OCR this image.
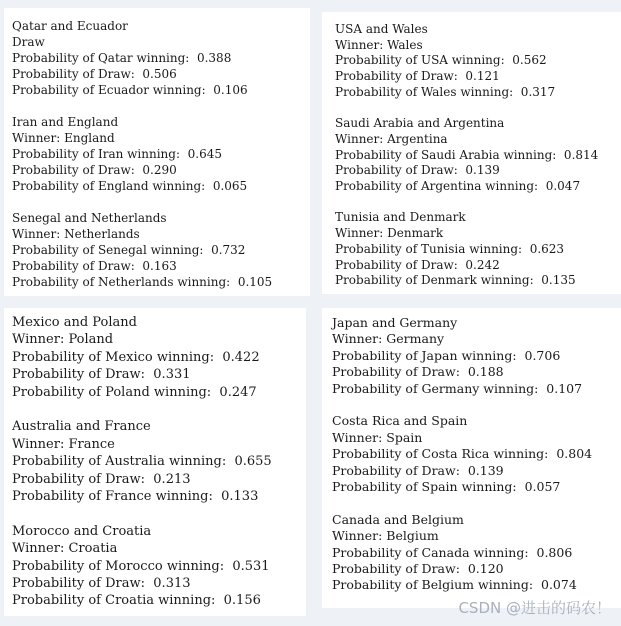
Qatar and Ecuador
Draw
Probability of Qatar winning:  0.388
Probability of Draw:  0.506
Probability of Ecuador winning:  0.106
Iran and England
Winner: England
Probability of Iran winning:  0.645
Probability of Draw:  0.290
Probability of England winning:  0.065
Senegal and Netherlands
Winner: Netherlands
Probability of Senegal winning:  0.732
Probability of Draw:  0.163
Probability of Netherlands winning:  0.105
USA and Wales
Winner: Wales
Probability of USA winning:  0.562
Probability of Draw:  0.121
Probability of Wales winning:  0.317
Saudi Arabia and Argentina
Winner: Argentina
Probability of Saudi Arabia winning:  0.814
Probability of Draw:  0.139
Probability of Argentina winning:  0.047
Tunisia and Denmark
Winner: Denmark
Probability of Tunisia winning:  0.623
Probability of Draw:  0.242
Probability of Denmark winning:  0.135
Mexico and Poland
Winner: Poland
Probability of Mexico winning:  0.422
Probability of Draw:  0.331
Probability of Poland winning:  0.247
Australia and France
Winner: France
Probability of Australia winning:  0.655
Probability of Draw:  0.213
Probability of France winning:  0.133
Morocco and Croatia
Winner: Croatia
Probability of Morocco winning:  0.531
Probability of Draw:  0.313
Probability of Croatia winning:  0.156
Japan and Germany
Winner: Germany
Probability of Japan winning:  0.706
Probability of Draw:  0.188
Probability of Germany winning:  0.107
Costa Rica and Spain
Winner: Spain
Probability of Costa Rica winning:  0.804
Probability of Draw:  0.139
Probability of Spain winning:  0.057
Canada and Belgium
Winner: Belgium
Probability of Canada winning:  0.806
Probability of Draw:  0.120
Probability of Belgium winning:  0.074
CSDN @进击的码农！
